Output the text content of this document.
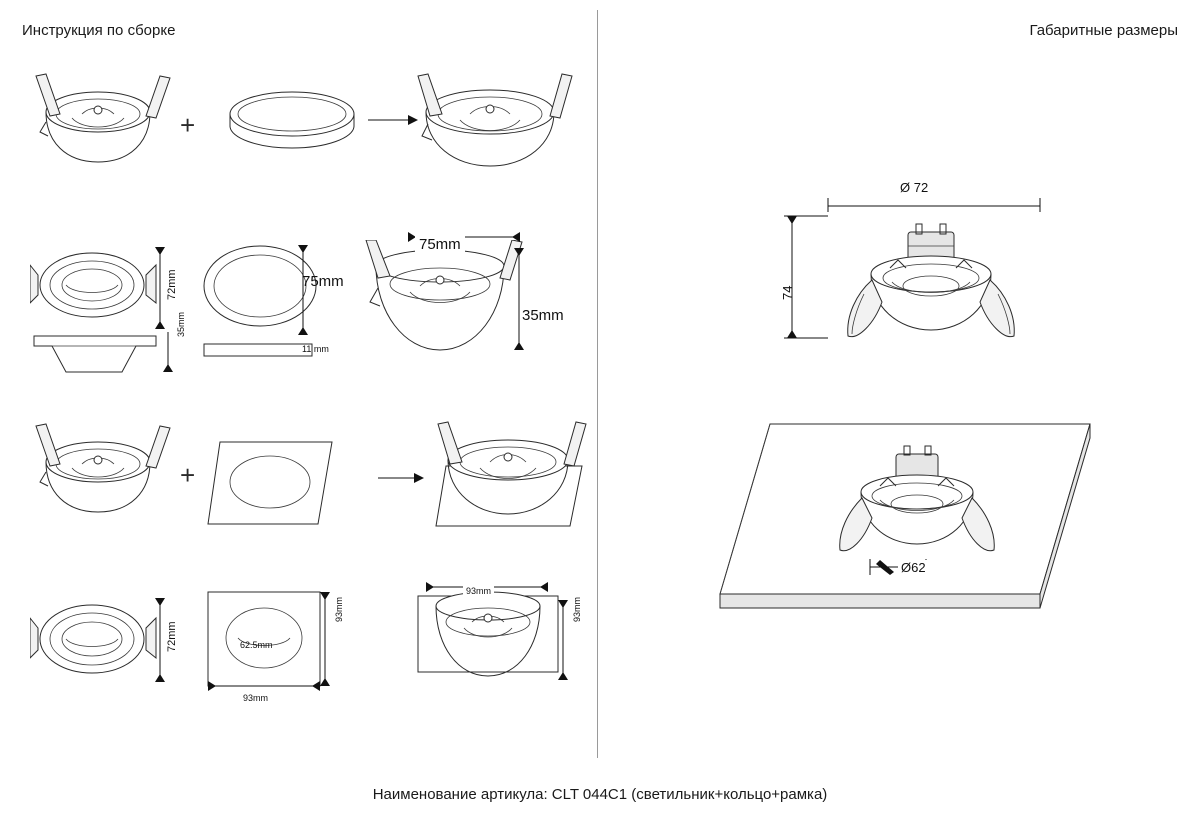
Инструкция по сборке	Габаритные размеры
+
72mm
35mm
75mm
11 mm
75mm
35mm
+
72mm	62.5mm
93mm
93mm
93mm
93mm
Ø 72
74
Ø62
Наименование артикула: CLT 044C1 (светильник+кольцо+рамка)
